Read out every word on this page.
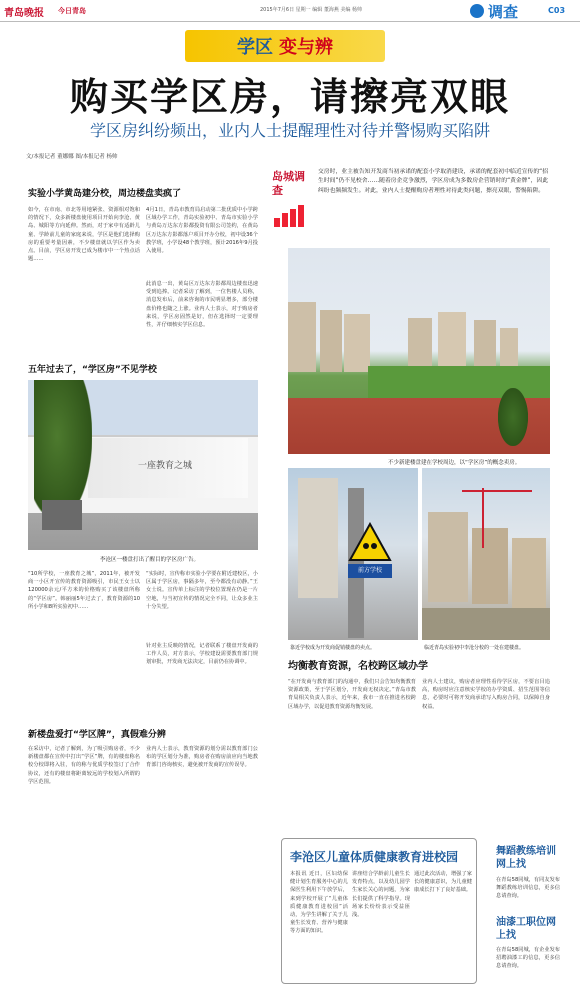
青岛晚报 今日青岛	2015年7月6日 星期一 编辑 董海燕 美编 杨帅	调查	C03
学区 变与辨
购买学区房，请擦亮双眼
学区房纠纷频出，业内人士提醒理性对待并警惕购买陷阱
文/本报记者 董娜娜 图/本报记者 杨帅
岛城调查
交房时，业主被告知开发商当初承诺的配套小学取消建设，承诺的配套初中临近宣传的“招生时间”仍不见校舍……随着房企竞争激烈，学区房成为多数房企营销时的“黄金牌”，因此纠纷也频频发生。对此，业内人士提醒购房者理性对待此类问题，擦亮双眼，警惕陷阱。
实验小学黄岛建分校，周边楼盘卖疯了
如今，在市南、市北等用地紧张、资源相对饱和的情况下，众多新楼盘使用项目开始向李沧、黄岛、城阳等方向延伸。然而，对于家中有适龄儿童、学龄前儿童的家庭来说，学区是他们选择购房的重要考量因素，不少楼盘就以学区作为卖点。目前，学区房开发已成为楼市中一个热点话题……
4月1日，青岛市教育局启动第二批优质中小学跨区域办学工作，青岛实验初中、青岛市实验小学与黄岛万达东方影都投资有限公司签约，在黄岛区万达东方影都落户项目开办分校，初中设36个教学班，小学设48个教学班，预计2016年9月投入使用。
此消息一出，黄岛区万达东方影都周边楼盘迅速受到追捧。记者采访了解到，一位售楼人员称，消息发布后，前来咨询的市民明显增多，部分楼盘价格也随之上涨。业内人士表示，对于购房者来说，学区房固然是好，但在选择时一定要理性，并仔细核实学区信息。
五年过去了，“学区房”不见学校
一座教育之城
李沧区一楼盘打出了醒目的学区房广告。
“10所学校，一座教育之城”，2011年，被开发商一小区开宣传的教育资源吸引，市民王女士以120000余元/平方米的价格购买了该楼盘所称的“学区房”。韩丽丽5年过去了，教育资源的10所小学和8所实验初中……
“实际时，宣传称市实验小学要在附近建校区，小区属于学区房，事隔多年，至今都没有动静。”王女士说。宣传单上标注的学校位置现在仍是一片空地，与当初宣传的情况完全不同，让众多业主十分失望。
针对业主反映的情况，记者联系了楼盘开发商的工作人员，对方表示，学校建设需要教育部门规划审批，开发商无法决定，目前仍在协调中。
新楼盘爱打“学区牌”，真假难分辨
在采访中，记者了解到，为了吸引购房者，不少新楼盘都在宣传中打出“学区”牌，有的楼盘称名校分校即将入驻，有的称与优质学校签订了合作协议，还有的楼盘将距离较远的学校划入所谓的学区范围。
业内人士表示，教育资源的划分需以教育部门公布的学区划分为准，购房者在购房前应向当地教育部门咨询核实，避免被开发商的宣传误导。
不少新建楼盘建在学校周边，以“学区房”的概念卖房。
前方学校
靠近学校成为开发商促销楼盘的卖点。	临近青岛实验初中李沧分校的一处在建楼盘。
均衡教育资源，名校跨区域办学
“在开发商与教育部门的沟通中，我们只会告知均衡教育资源政策，至于学区划分，开发商无权决定。”青岛市教育局相关负责人表示，近年来，我市一直在推进名校跨区域办学，以促进教育资源均衡发展。
业内人士建议，购房者应理性看待学区房，不要盲目追高，购房时应注意核实学校的办学资质、招生范围等信息，必要时可将开发商承诺写入购房合同，以保障自身权益。
李沧区儿童体质健康教育进校园
本报讯 近日，区妇幼保健计划生育服务中心的儿保医生利用下午放学后，来到学校开展了“儿童体质健康教育进校园”活动，为学生讲解了关于儿童生长发育、营养与健康等方面的知识。
讲座结合学龄前儿童生长发育特点，以及幼儿园学生家长关心的问题，为家长们提供了科学指导。现场家长纷纷表示受益匪浅。
通过此次活动，增强了家长的健康意识，为儿童健康成长打下了良好基础。
舞蹈教练培训网上找
在青岛58同城，有同友发布舞蹈教练培训信息，更多信息请查询。
油漆工职位网上找
在青岛58同城，有企业发布招聘油漆工的信息，更多信息请查询。
